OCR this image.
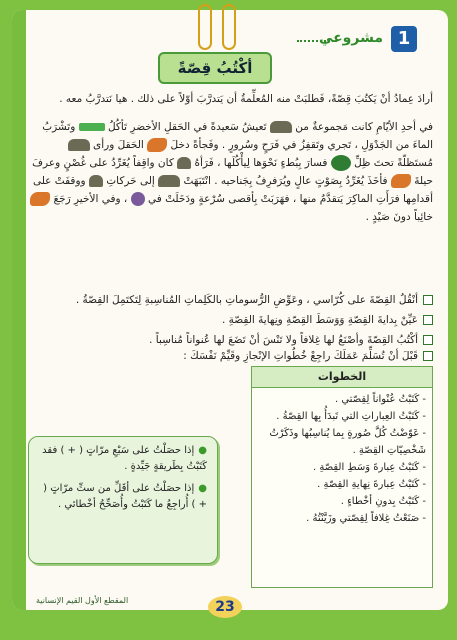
1
مشروعي
أكْتُبُ قِصّةً
أرادَ عِمادُ أنْ يَكتُبَ قِصّةً، فَطلبَتْ منه المُعلِّمةُ أن يَتدرَّبَ أوّلاً على ذلك . هيا نَتدرَّبُ معه .
في أحدِ الأيّامِ كانت مَجموعةٌ من  تَعيشُ سَعيدةً في الحَقلِ الأخضرِ تَأكُلُ  وتَشْرَبُ الماءَ من الجَدْوَلِ ، تَجري وتَقفِزُ في فَرَحٍ وسُرورٍ . وفَجأةً دخلَ  الحَقلَ ورأى  مُستَظلّةً تحتَ ظِلِّ  فسارَ بِبُطءٍ نَحْوَها لِيأْكُلَها ، فَرَأهُ  كان واقِفاً يُغَرِّدُ على غُصْنٍ وعرفَ حيلةَ  فأخَذَ يُغَرِّدُ بِصَوْتٍ عالٍ ويُرَفرِفُ بِجَناحيه . انْتَبَهَتْ  إلى حَركاتِ  ووقفَتْ على أقدامِها فرَأَتِ الماكِرَ يَتقدَّمُ منها ، فهَرَبَتْ بِأقصى سُرْعةٍ ودَخَلَتْ في  ، وفي الأخيرِ رَجَعَ  خائِباً دونَ صَيْدٍ .
أنْقُلُ القِصّةَ على كُرّاسي ، وعَوِّضِ الرُّسوماتِ بالكَلِماتِ المُناسِبةِ لِتَكتَمِلَ القِصّةُ .
عَيِّنْ بِدايةَ القِصّةِ وَوَسَطَ القِصّةِ ونِهايةَ القِصّةِ .
أكْتُبُ القِصّةَ وأصْنَعُ لها غِلافاً ولا تَنْسَ أنْ تَضَعَ لها عُنواناً مُناسِباً .
قَبْلَ أنْ تُسَلِّمَ عَمَلَكَ راجِعْ خُطُواتِ الإنْجازِ وقَيِّمْ نَفْسَكَ :
الخطوات
- كَتَبْتُ عُنْواناً لِقِصّتي .
- كَتَبْتُ العِباراتِ التي تَبدَأُ بِها القِصّةُ .
- عَوّضْتُ كُلَّ صُورةٍ بِما يُناسِبُها وذَكَرْتُ شَخْصِيّاتِ القِصّةِ .
- كَتَبْتُ عِبارةَ وَسَطِ القِصّةِ .
- كَتَبْتُ عِبارةَ نِهايةِ القِصّةِ .
- كَتَبْتُ بِدونِ أخْطاءٍ .
- صَنَعْتُ غِلافاً لِقِصّتي وزَيَّنْتُهُ .
●إذا حصَلْتُ على سَبْعِ مرّاتٍ ( + ) فقد كَتَبْتُ بِطَريقةٍ جَيِّدةٍ .
●إذا حصَلْتُ على أقَلِّ من ستِّ مرّاتٍ ( + ) أُراجِعُ ما كَتَبْتُ وأُصَحِّحُ أخْطائي .
المقطع الأول القيم الإنسانية	23
